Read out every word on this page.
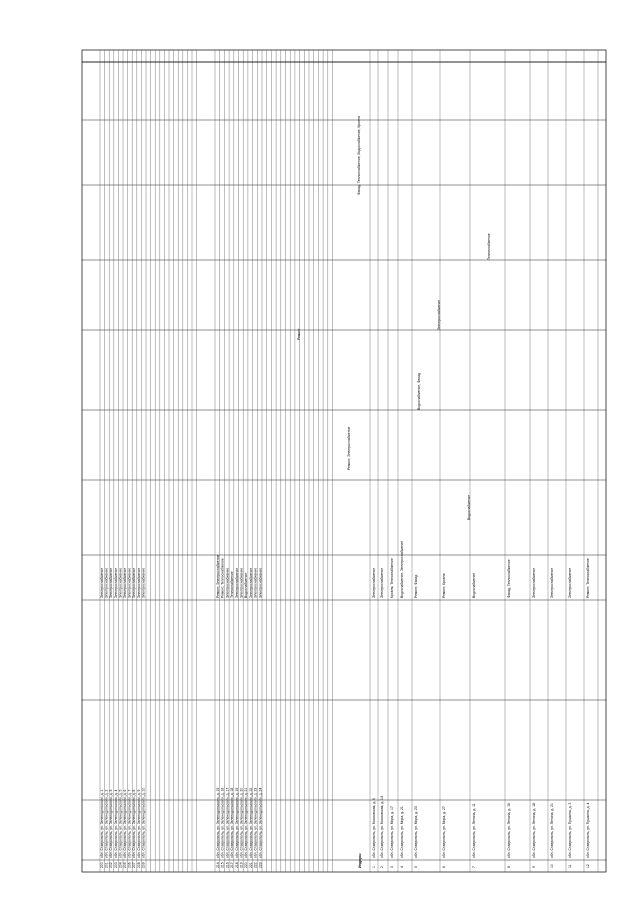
200
обл. Ставрополь, ул. Зеленодольского, д. 1
Электроснабжение
201
обл. Ставрополь, ул. Зеленодольского, д. 2
Электроснабжение
202
обл. Ставрополь, ул. Зеленодольского, д. 3
Электроснабжение
203
обл. Ставрополь, ул. Зеленодольского, д. 4
Электроснабжение
204
обл. Ставрополь, ул. Зеленодольского, д. 5
Электроснабжение
205
обл. Ставрополь, ул. Зеленодольского, д. 6
Электроснабжение
206
обл. Ставрополь, ул. Зеленодольского, д. 7
Электроснабжение
207
обл. Ставрополь, ул. Зеленодольского, д. 8
Электроснабжение
208
обл. Ставрополь, ул. Зеленодольского, д. 9
Электроснабжение
209
обл. Ставрополь, ул. Зеленодольского, д. 10
Электроснабжение
214
обл. Ставрополь, ул. Зеленодольского, д. 15
Ремонт, Электроснабжение
215
обл. Ставрополь, ул. Зеленодольского, д. 16
Ремонт, Теплоснабжение
216
обл. Ставрополь, ул. Зеленодольского, д. 17
Электроснабжение
217
обл. Ставрополь, ул. Зеленодольского, д. 18
Теплоснабжение
218
обл. Ставрополь, ул. Зеленодольского, д. 19
Электроснабжение
219
обл. Ставрополь, ул. Зеленодольского, д. 20
Электроснабжение
220
обл. Ставрополь, ул. Зеленодольского, д. 21
Водоснабжение
221
обл. Ставрополь, ул. Зеленодольского, д. 22
Электроснабжение
222
обл. Ставрополь, ул. Зеленодольского, д. 23
Электроснабжение
223
обл. Ставрополь, ул. Зеленодольского, д. 24
Электроснабжение
Индоры	1
обл. Ставрополь, ул. Московская, д. 6
Электроснабжение
2
обл. Ставрополь, ул. Московская, д. 14
Электроснабжение
3
обл. Ставрополь, ул. Мира, д. 17
Кровля, Теплоснабжение
4
обл. Ставрополь, ул. Мира, д. 21
Водоснабжение, Электроснабжение
5
обл. Ставрополь, ул. Мира, д. 23
Ремонт, Фасад
6
обл. Ставрополь, ул. Мира, д. 27
Ремонт, Кровля
7
обл. Ставрополь, ул. Ленина, д. 11
Водоснабжение
8
обл. Ставрополь, ул. Ленина, д. 16
Фасад, Теплоснабжение
9
обл. Ставрополь, ул. Ленина, д. 18
Электроснабжение
10
обл. Ставрополь, ул. Ленина, д. 21
Электроснабжение
11
обл. Ставрополь, ул. Пушкина, д. 3
Электроснабжение
12
обл. Ставрополь, ул. Пушкина, д. 4
Ремонт, Теплоснабжение
Ремонт, Электроснабжение
Водоснабжение, Фасад
Электроснабжение
Теплоснабжение
Ремонт
Водоснабжение
Фасад, Теплоснабжение, Водоснабжение, Кровля
